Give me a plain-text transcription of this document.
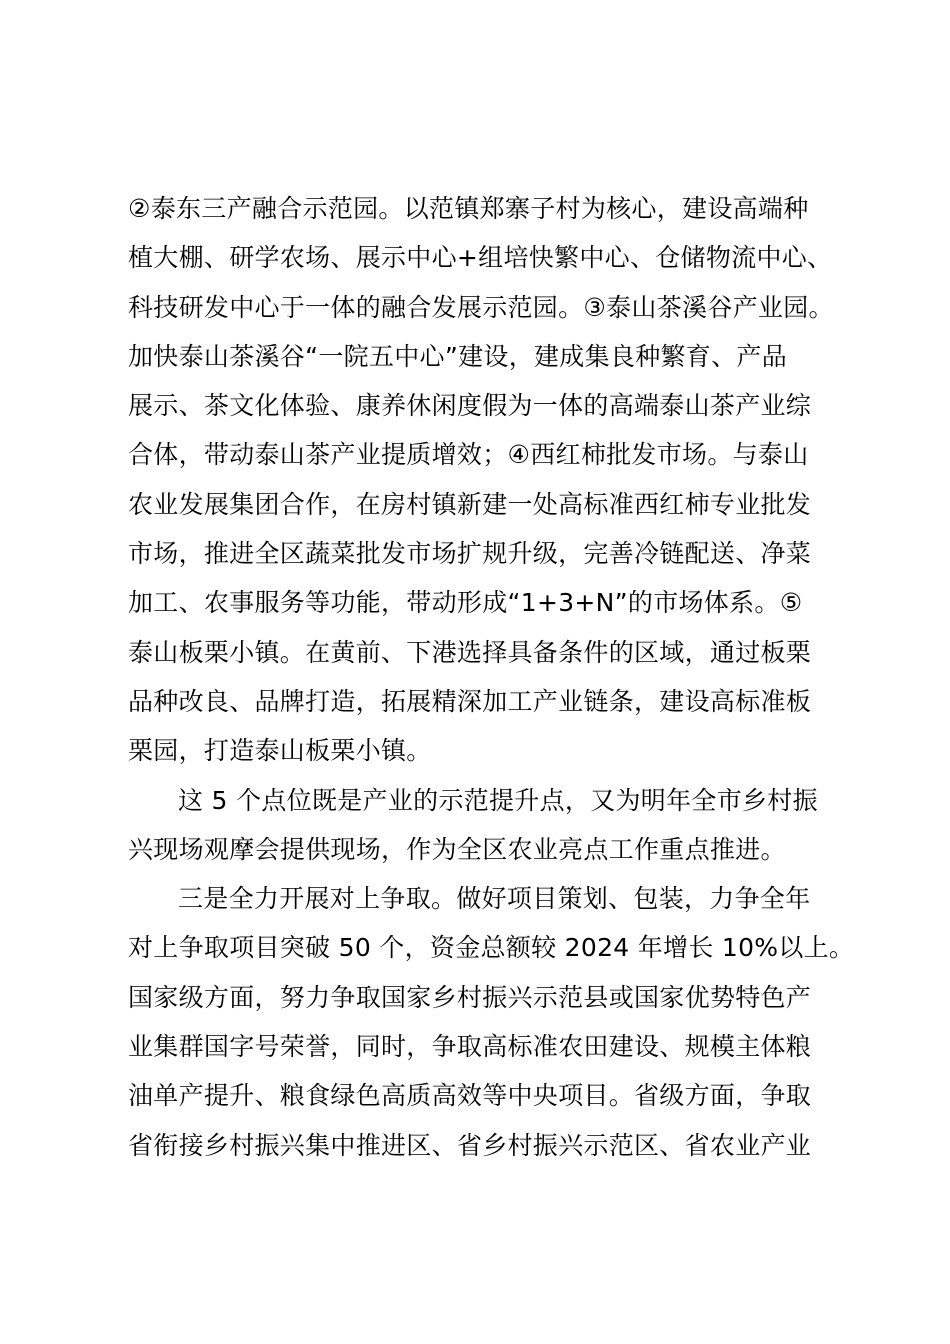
②泰东三产融合示范园。以范镇郑寨子村为核心，建设高端种
植大棚、研学农场、展示中心+组培快繁中心、仓储物流中心、
科技研发中心于一体的融合发展示范园。③泰山茶溪谷产业园。
加快泰山茶溪谷“一院五中心”建设，建成集良种繁育、产品
展示、茶文化体验、康养休闲度假为一体的高端泰山茶产业综
合体，带动泰山茶产业提质增效；④西红柿批发市场。与泰山
农业发展集团合作，在房村镇新建一处高标准西红柿专业批发
市场，推进全区蔬菜批发市场扩规升级，完善冷链配送、净菜
加工、农事服务等功能，带动形成“1+3+N”的市场体系。⑤
泰山板栗小镇。在黄前、下港选择具备条件的区域，通过板栗
品种改良、品牌打造，拓展精深加工产业链条，建设高标准板
栗园，打造泰山板栗小镇。
这 5 个点位既是产业的示范提升点，又为明年全市乡村振
兴现场观摩会提供现场，作为全区农业亮点工作重点推进。
三是全力开展对上争取。做好项目策划、包装，力争全年
对上争取项目突破 50 个，资金总额较 2024 年增长 10%以上。
国家级方面，努力争取国家乡村振兴示范县或国家优势特色产
业集群国字号荣誉，同时，争取高标准农田建设、规模主体粮
油单产提升、粮食绿色高质高效等中央项目。省级方面，争取
省衔接乡村振兴集中推进区、省乡村振兴示范区、省农业产业
